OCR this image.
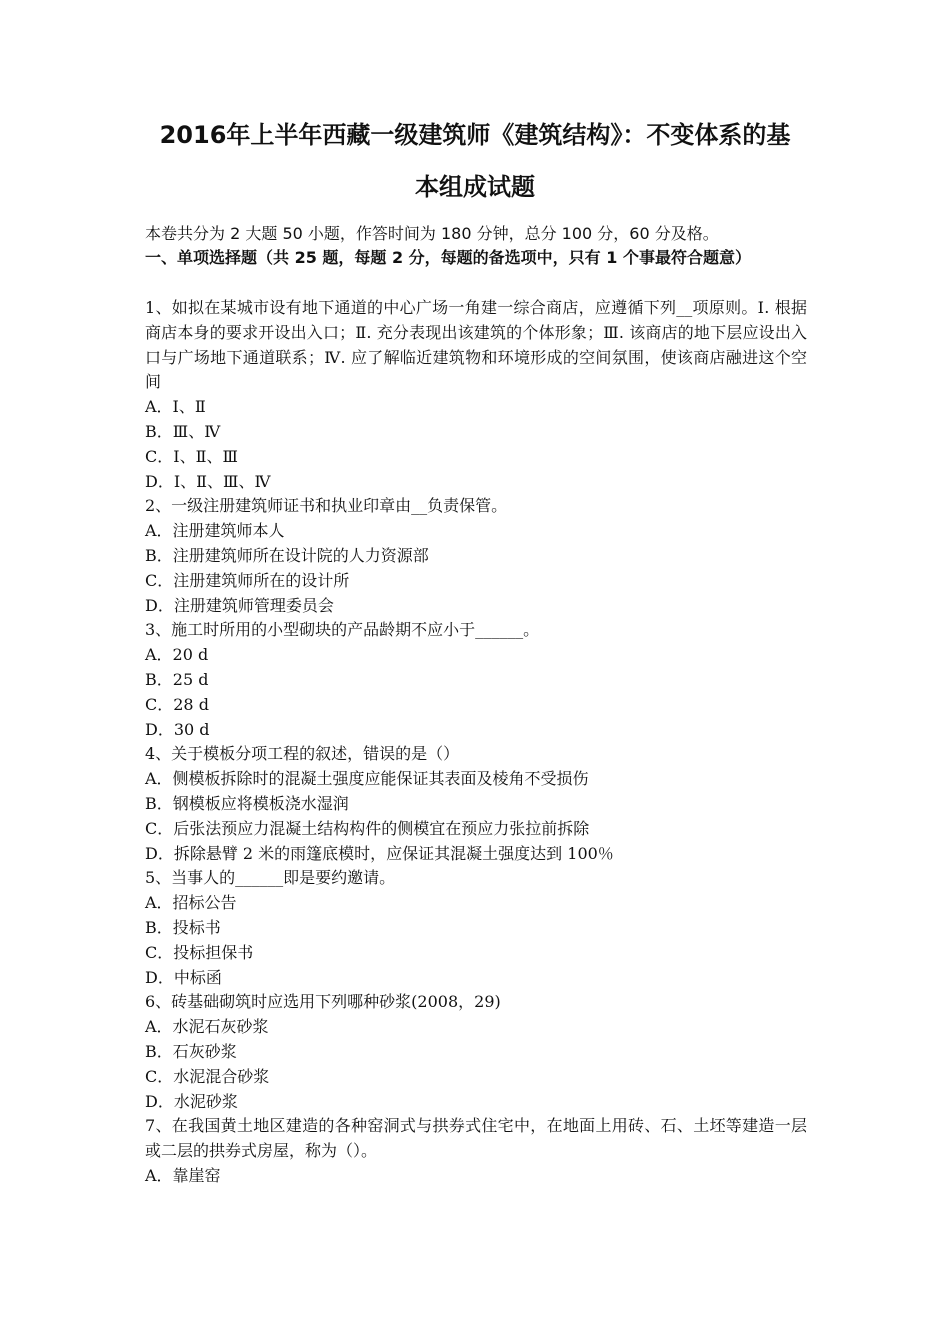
2016年上半年西藏一级建筑师《建筑结构》：不变体系的基
本组成试题
本卷共分为 2 大题 50 小题，作答时间为 180 分钟，总分 100 分，60 分及格。
一、单项选择题（共 25 题，每题 2 分，每题的备选项中，只有 1 个事最符合题意）
1、如拟在某城市设有地下通道的中心广场一角建一综合商店，应遵循下列__项原则。Ⅰ. 根据商店本身的要求开设出入口；Ⅱ. 充分表现出该建筑的个体形象；Ⅲ. 该商店的地下层应设出入口与广场地下通道联系；Ⅳ. 应了解临近建筑物和环境形成的空间氛围，使该商店融进这个空间
A．Ⅰ、Ⅱ
B．Ⅲ、Ⅳ
C．Ⅰ、Ⅱ、Ⅲ
D．Ⅰ、Ⅱ、Ⅲ、Ⅳ
2、一级注册建筑师证书和执业印章由__负责保管。
A．注册建筑师本人
B．注册建筑师所在设计院的人力资源部
C．注册建筑师所在的设计所
D．注册建筑师管理委员会
3、施工时所用的小型砌块的产品龄期不应小于______。
A．20 d
B．25 d
C．28 d
D．30 d
4、关于模板分项工程的叙述，错误的是（）
A．侧模板拆除时的混凝土强度应能保证其表面及棱角不受损伤
B．钢模板应将模板浇水湿润
C．后张法预应力混凝土结构构件的侧模宜在预应力张拉前拆除
D．拆除悬臂 2 米的雨篷底模时，应保证其混凝土强度达到 100％
5、当事人的______即是要约邀请。
A．招标公告
B．投标书
C．投标担保书
D．中标函
6、砖基础砌筑时应选用下列哪种砂浆(2008，29)
A．水泥石灰砂浆
B．石灰砂浆
C．水泥混合砂浆
D．水泥砂浆
7、在我国黄土地区建造的各种窑洞式与拱券式住宅中，在地面上用砖、石、土坯等建造一层或二层的拱券式房屋，称为（）。
A．靠崖窑
